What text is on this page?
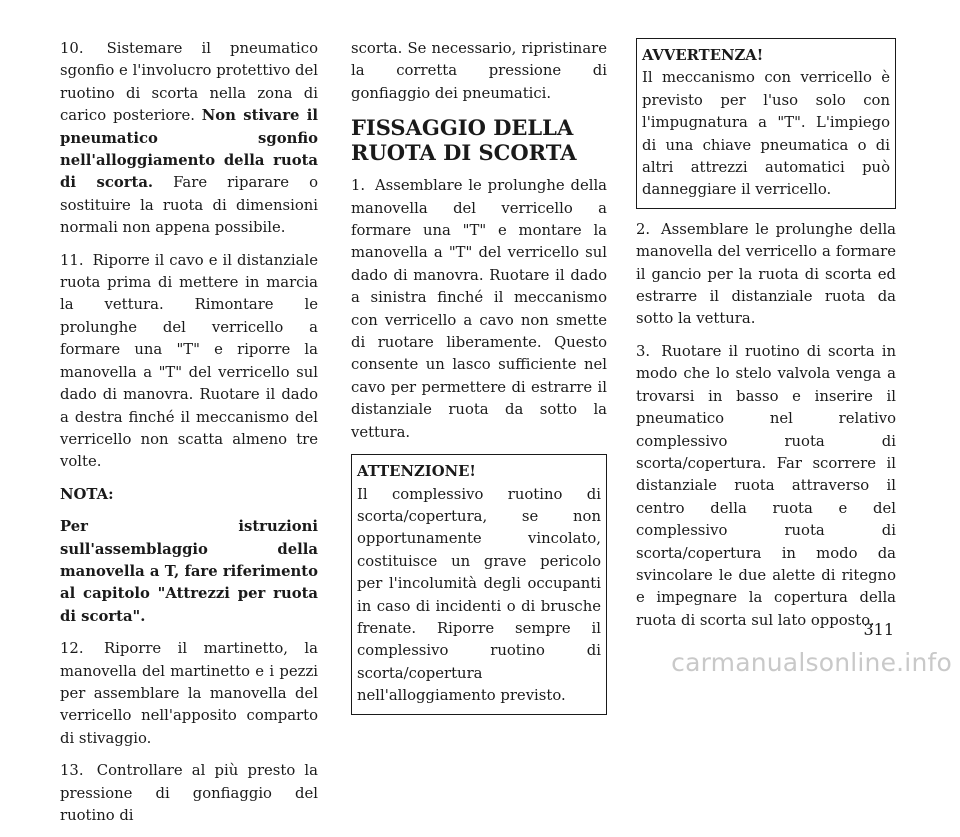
10. Sistemare il pneumatico sgonfio e l'involucro protettivo del ruotino di scorta nella zona di carico posteriore. Non stivare il pneumatico sgonfio nell'alloggiamento della ruota di scorta. Fare riparare o sostituire la ruota di dimensioni normali non appena possibile.

11. Riporre il cavo e il distanziale ruota prima di mettere in marcia la vettura. Rimontare le prolunghe del verricello a formare una "T" e riporre la manovella a "T" del verricello sul dado di manovra. Ruotare il dado a destra finché il meccanismo del verricello non scatta almeno tre volte.

NOTA:

Per istruzioni sull'assemblaggio della manovella a T, fare riferimento al capitolo "Attrezzi per ruota di scorta".

12. Riporre il martinetto, la manovella del martinetto e i pezzi per assemblare la manovella del verricello nell'apposito comparto di stivaggio.

13. Controllare al più presto la pressione di gonfiaggio del ruotino di

scorta. Se necessario, ripristinare la corretta pressione di gonfiaggio dei pneumatici.

FISSAGGIO DELLA RUOTA DI SCORTA

1. Assemblare le prolunghe della manovella del verricello a formare una "T" e montare la manovella a "T" del verricello sul dado di manovra. Ruotare il dado a sinistra finché il meccanismo con verricello a cavo non smette di ruotare liberamente. Questo consente un lasco sufficiente nel cavo per permettere di estrarre il distanziale ruota da sotto la vettura.

ATTENZIONE!
Il complessivo ruotino di scorta/copertura, se non opportunamente vincolato, costituisce un grave pericolo per l'incolumità degli occupanti in caso di incidenti o di brusche frenate. Riporre sempre il complessivo ruotino di scorta/copertura nell'alloggiamento previsto.
AVVERTENZA!
Il meccanismo con verricello è previsto per l'uso solo con l'impugnatura a "T". L'impiego di una chiave pneumatica o di altri attrezzi automatici può danneggiare il verricello.

2. Assemblare le prolunghe della manovella del verricello a formare il gancio per la ruota di scorta ed estrarre il distanziale ruota da sotto la vettura.

3. Ruotare il ruotino di scorta in modo che lo stelo valvola venga a trovarsi in basso e inserire il pneumatico nel relativo complessivo ruota di scorta/copertura. Far scorrere il distanziale ruota attraverso il centro della ruota e del complessivo ruota di scorta/copertura in modo da svincolare le due alette di ritegno e impegnare la copertura della ruota di scorta sul lato opposto.

311
carmanualsonline.info
